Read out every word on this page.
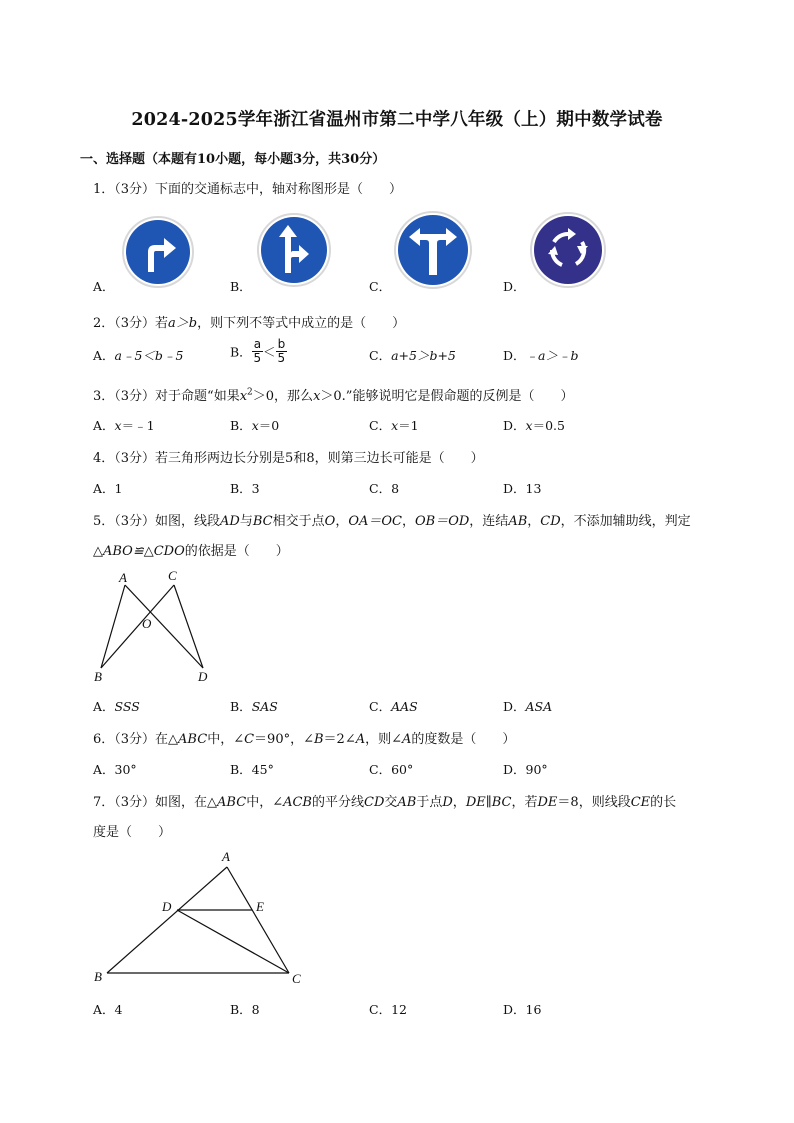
2024-2025学年浙江省温州市第二中学八年级（上）期中数学试卷
一、选择题（本题有10小题，每小题3分，共30分）
1．（3分）下面的交通标志中，轴对称图形是（　　）
A．	B．	C．	D．
2．（3分）若a＞b，则下列不等式中成立的是（　　）
A．a﹣5＜b﹣5	B． $\frac{a}{5} < \frac{b}{5}$	C．a+5＞b+5	D．﹣a＞﹣b
3．（3分）对于命题“如果$x^2>0$，那么x＞0.”能够说明它是假命题的反例是（　　）
A．x＝﹣1	B．x＝0	C．x＝1	D．x＝0.5
4．（3分）若三角形两边长分别是5和8，则第三边长可能是（　　）
A．1	B．3	C．8	D．13
5．（3分）如图，线段AD与BC相交于点O，OA＝OC，OB＝OD，连结AB，CD，不添加辅助线，判定
△ABO≌△CDO的依据是（　　）
A	C
O
B	D
A．SSS	B．SAS	C．AAS	D．ASA
6．（3分）在△ABC中，∠C＝90°，∠B＝2∠A，则∠A的度数是（　　）
A．30°	B．45°	C．60°	D．90°
7．（3分）如图，在△ABC中，∠ACB的平分线CD交AB于点D，DE∥BC，若DE＝8，则线段CE的长
度是（　　）
A
D	E
B	C
A．4	B．8	C．12	D．16
